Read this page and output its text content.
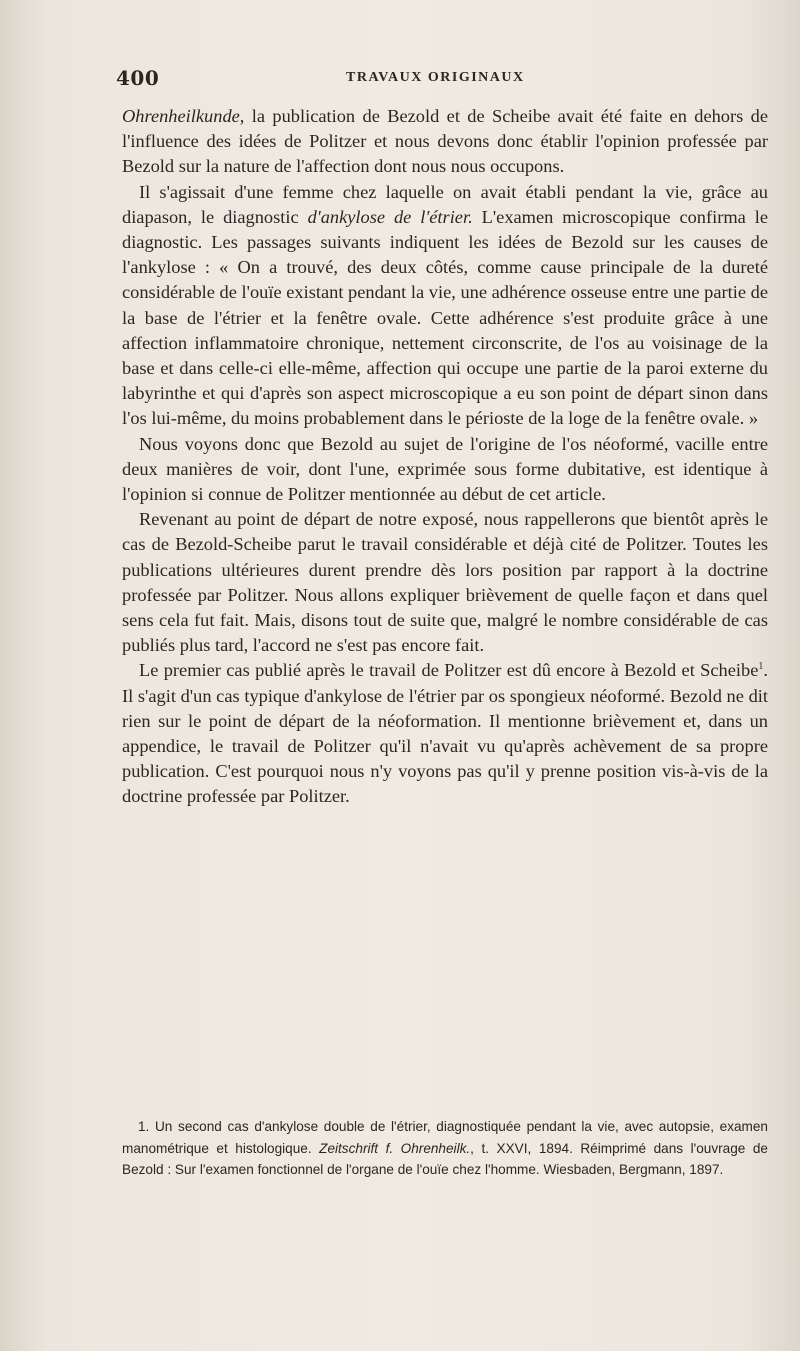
400	TRAVAUX ORIGINAUX

Ohrenheilkunde, la publication de Bezold et de Scheibe avait été faite en dehors de l'influence des idées de Politzer et nous devons donc établir l'opinion professée par Bezold sur la nature de l'affection dont nous nous occupons.

Il s'agissait d'une femme chez laquelle on avait établi pendant la vie, grâce au diapason, le diagnostic d'ankylose de l'étrier. L'examen microscopique confirma le diagnostic. Les passages suivants indiquent les idées de Bezold sur les causes de l'ankylose : « On a trouvé, des deux côtés, comme cause principale de la dureté considérable de l'ouïe existant pendant la vie, une adhérence osseuse entre une partie de la base de l'étrier et la fenêtre ovale. Cette adhérence s'est produite grâce à une affection inflammatoire chronique, nettement circonscrite, de l'os au voisinage de la base et dans celle-ci elle-même, affection qui occupe une partie de la paroi externe du labyrinthe et qui d'après son aspect microscopique a eu son point de départ sinon dans l'os lui-même, du moins probablement dans le périoste de la loge de la fenêtre ovale. »

Nous voyons donc que Bezold au sujet de l'origine de l'os néoformé, vacille entre deux manières de voir, dont l'une, exprimée sous forme dubitative, est identique à l'opinion si connue de Politzer mentionnée au début de cet article.

Revenant au point de départ de notre exposé, nous rappellerons que bientôt après le cas de Bezold-Scheibe parut le travail considérable et déjà cité de Politzer. Toutes les publications ultérieures durent prendre dès lors position par rapport à la doctrine professée par Politzer. Nous allons expliquer brièvement de quelle façon et dans quel sens cela fut fait. Mais, disons tout de suite que, malgré le nombre considérable de cas publiés plus tard, l'accord ne s'est pas encore fait.

Le premier cas publié après le travail de Politzer est dû encore à Bezold et Scheibe$^1$. Il s'agit d'un cas typique d'ankylose de l'étrier par os spongieux néoformé. Bezold ne dit rien sur le point de départ de la néoformation. Il mentionne brièvement et, dans un appendice, le travail de Politzer qu'il n'avait vu qu'après achèvement de sa propre publication. C'est pourquoi nous n'y voyons pas qu'il y prenne position vis-à-vis de la doctrine professée par Politzer.

1. Un second cas d'ankylose double de l'étrier, diagnostiquée pendant la vie, avec autopsie, examen manométrique et histologique. Zeitschrift f. Ohrenheilk., t. XXVI, 1894. Réimprimé dans l'ouvrage de Bezold : Sur l'examen fonctionnel de l'organe de l'ouïe chez l'homme. Wiesbaden, Bergmann, 1897.
